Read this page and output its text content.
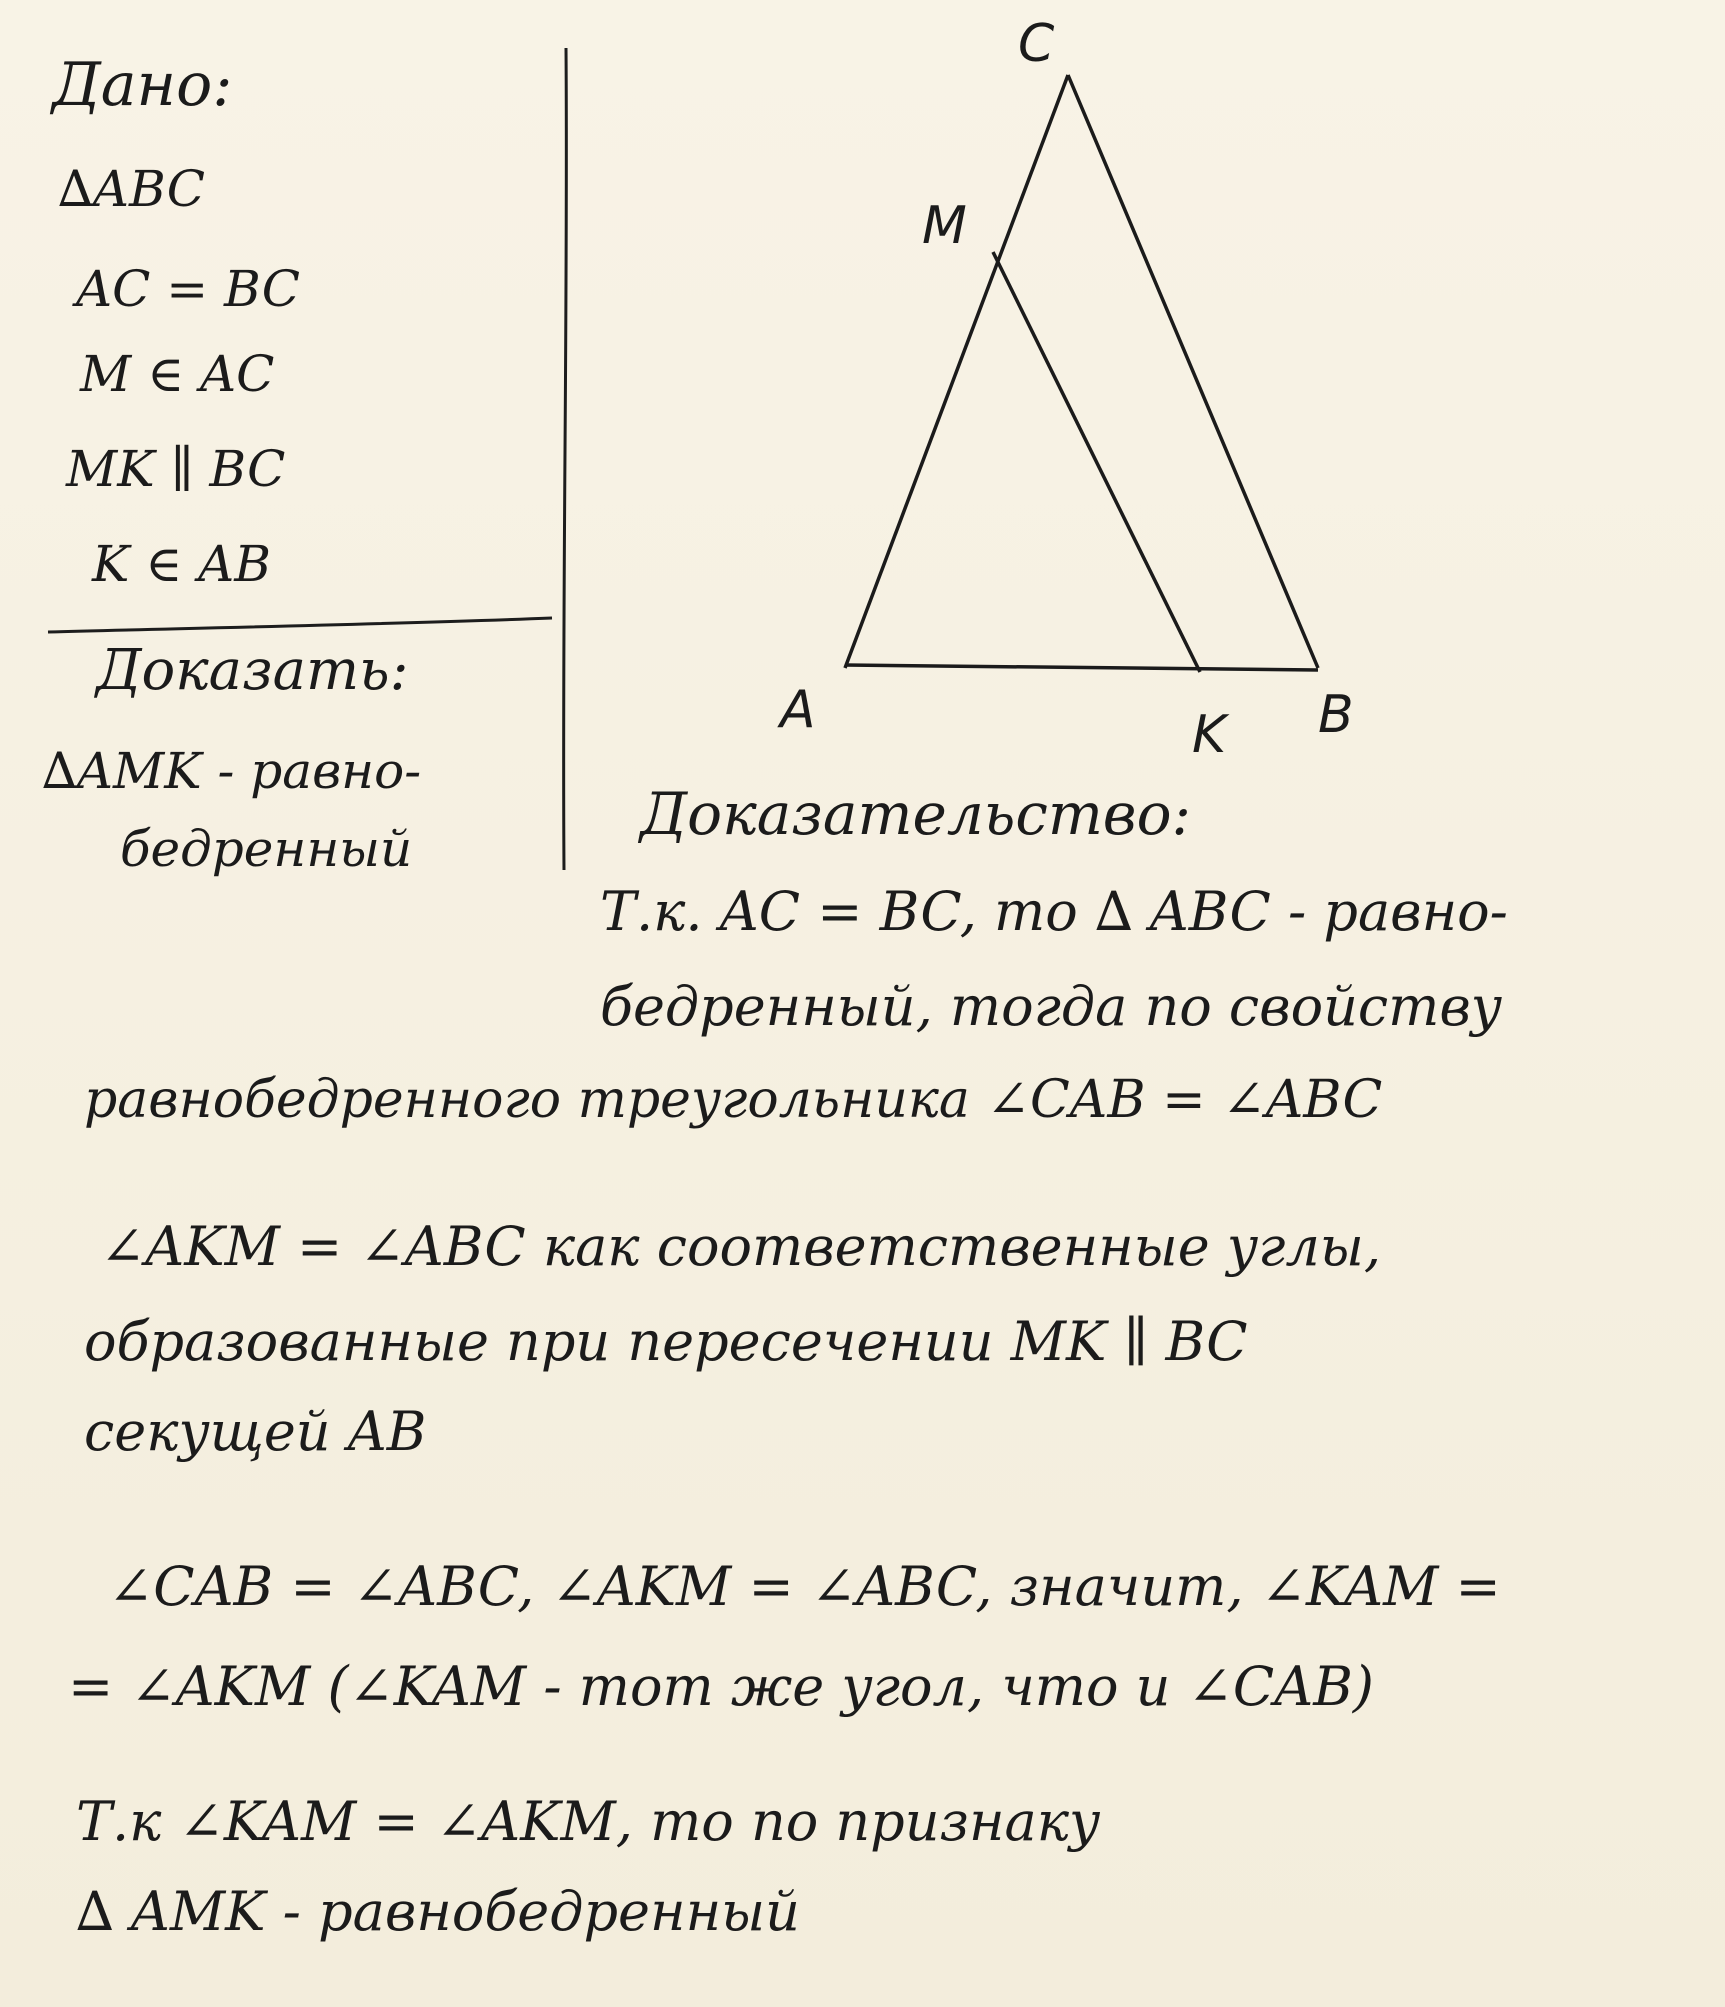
Дано:
∆ABC
AC = BC
M ∈ AC
MK ∥ BC
K ∈ AB
Доказать:
∆AMK - равно-
бедренный
C
M
A	K B
Доказательство:
Т.к. AC = BC, то ∆ ABC - равно-
бедренный, тогда по свойству
равнобедренного треугольника ∠CAB = ∠ABC
∠AKM = ∠ABC как соответственные углы,
образованные при пересечении MK ∥ BC
секущей AB
∠CAB = ∠ABC, ∠AKM = ∠ABC, значит, ∠KAM =
= ∠AKM (∠KAM - тот же угол, что и ∠CAB)
Т.к ∠KAM = ∠AKM, то по признаку
∆ AMK - равнобедренный
